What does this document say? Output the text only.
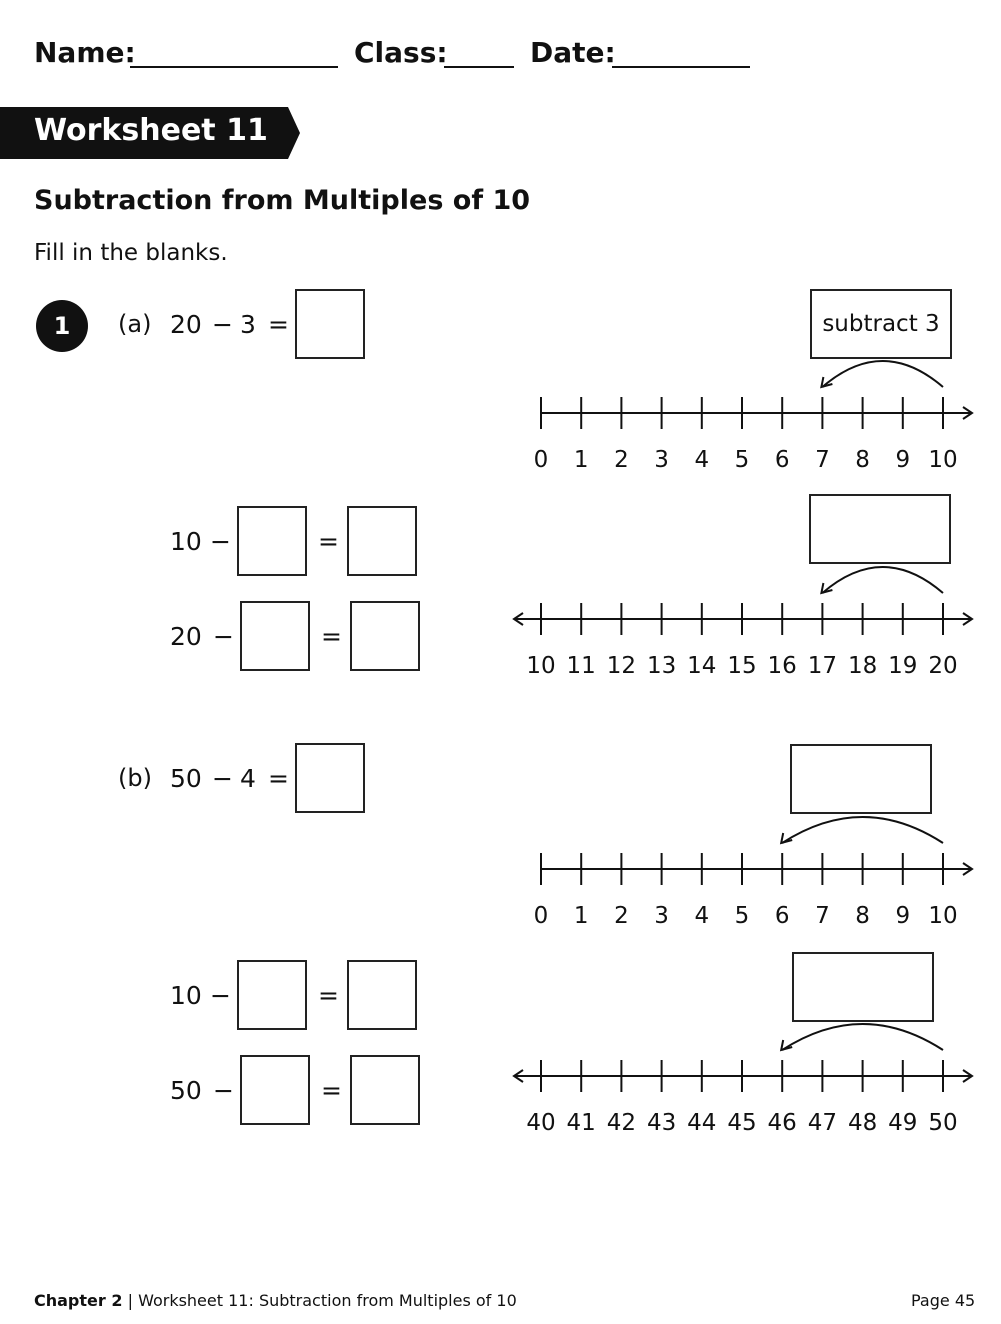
Name:	Class:	Date:
Worksheet 11
Subtraction from Multiples of 10
Fill in the blanks.
1 (a) 20 − 3 =	subtract 3
10 −	=
20 −	=
(b) 50 − 4 =
10 −	=
50 −	=
0 1 2 3 4 5 6 7 8 9 10
10 11 12 13 14 15 16 17 18 19 20
0 1 2 3 4 5 6 7 8 9 10
40 41 42 43 44 45 46 47 48 49 50
Chapter 2 | Worksheet 11: Subtraction from Multiples of 10	Page 45
